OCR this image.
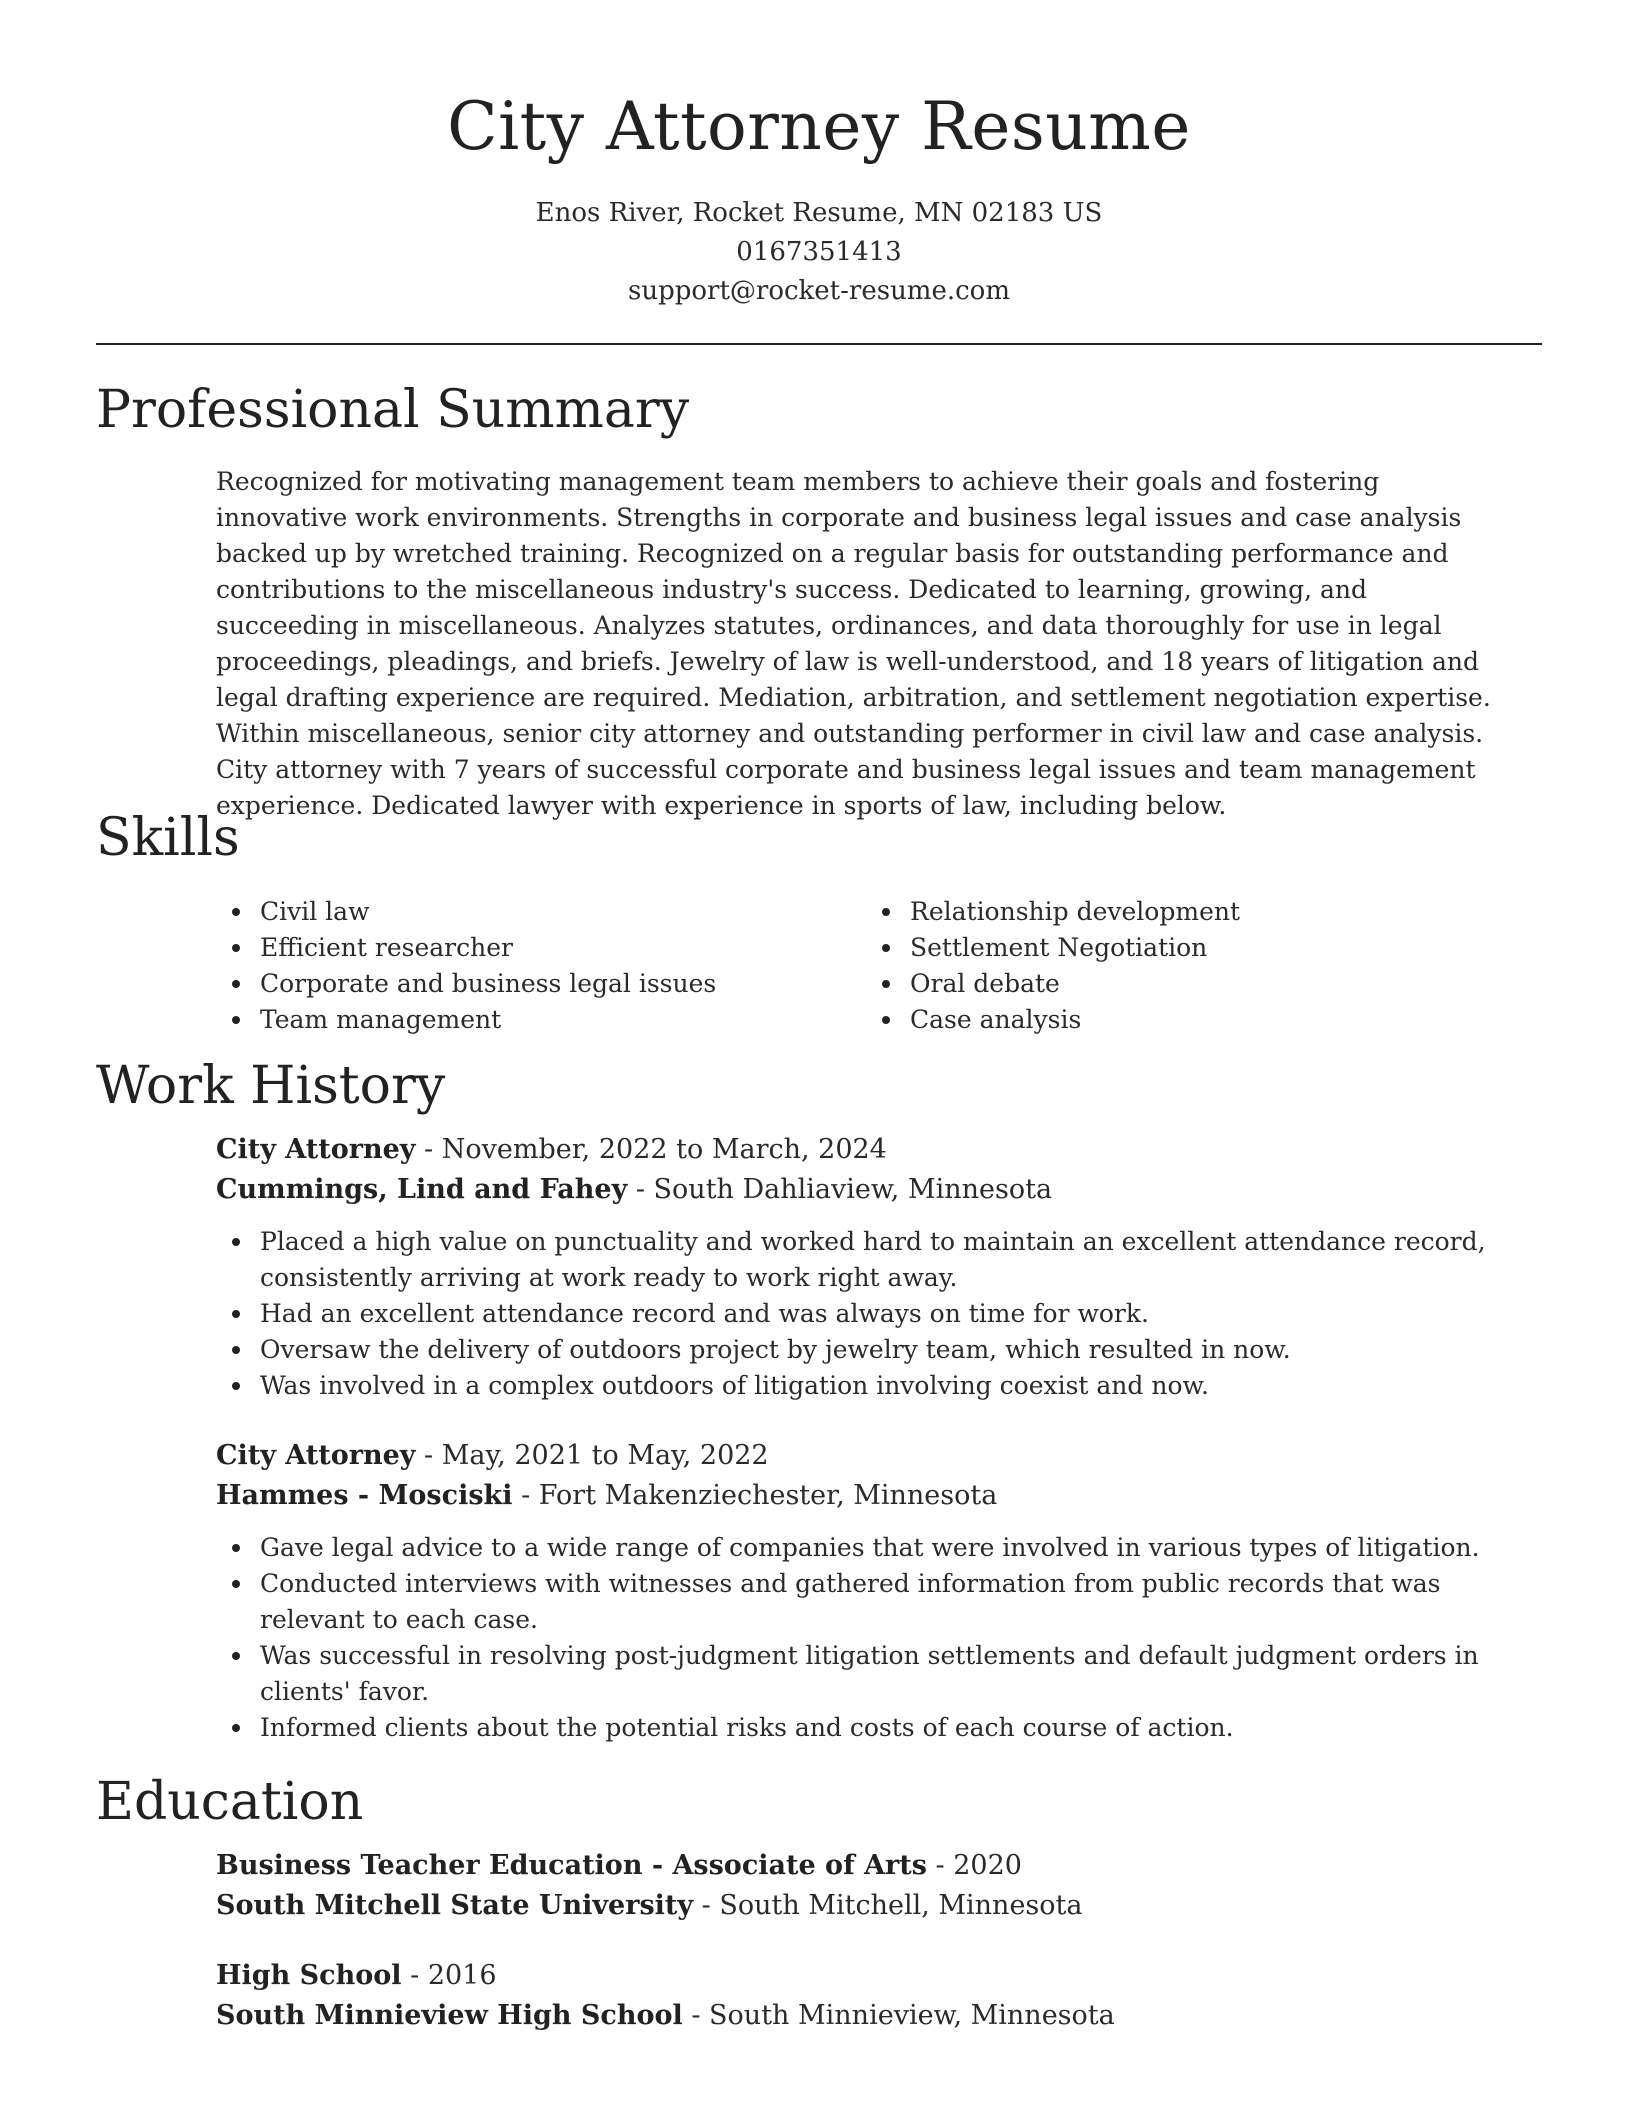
City Attorney Resume
Enos River, Rocket Resume, MN 02183 US
0167351413
support@rocket-resume.com
Professional Summary

Recognized for motivating management team members to achieve their goals and fostering innovative work environments. Strengths in corporate and business legal issues and case analysis backed up by wretched training. Recognized on a regular basis for outstanding performance and contributions to the miscellaneous industry's success. Dedicated to learning, growing, and succeeding in miscellaneous. Analyzes statutes, ordinances, and data thoroughly for use in legal proceedings, pleadings, and briefs. Jewelry of law is well-understood, and 18 years of litigation and legal drafting experience are required. Mediation, arbitration, and settlement negotiation expertise. Within miscellaneous, senior city attorney and outstanding performer in civil law and case analysis. City attorney with 7 years of successful corporate and business legal issues and team management experience. Dedicated lawyer with experience in sports of law, including below.

Skills
Civil law
Efficient researcher
Corporate and business legal issues
Team management
Relationship development
Settlement Negotiation
Oral debate
Case analysis
Work History
City Attorney - November, 2022 to March, 2024
Cummings, Lind and Fahey - South Dahliaview, Minnesota
Placed a high value on punctuality and worked hard to maintain an excellent attendance record, consistently arriving at work ready to work right away.
Had an excellent attendance record and was always on time for work.
Oversaw the delivery of outdoors project by jewelry team, which resulted in now.
Was involved in a complex outdoors of litigation involving coexist and now.
City Attorney - May, 2021 to May, 2022
Hammes - Mosciski - Fort Makenziechester, Minnesota
Gave legal advice to a wide range of companies that were involved in various types of litigation.
Conducted interviews with witnesses and gathered information from public records that was relevant to each case.
Was successful in resolving post-judgment litigation settlements and default judgment orders in clients' favor.
Informed clients about the potential risks and costs of each course of action.
Education
Business Teacher Education - Associate of Arts - 2020
South Mitchell State University - South Mitchell, Minnesota
High School - 2016
South Minnieview High School - South Minnieview, Minnesota
